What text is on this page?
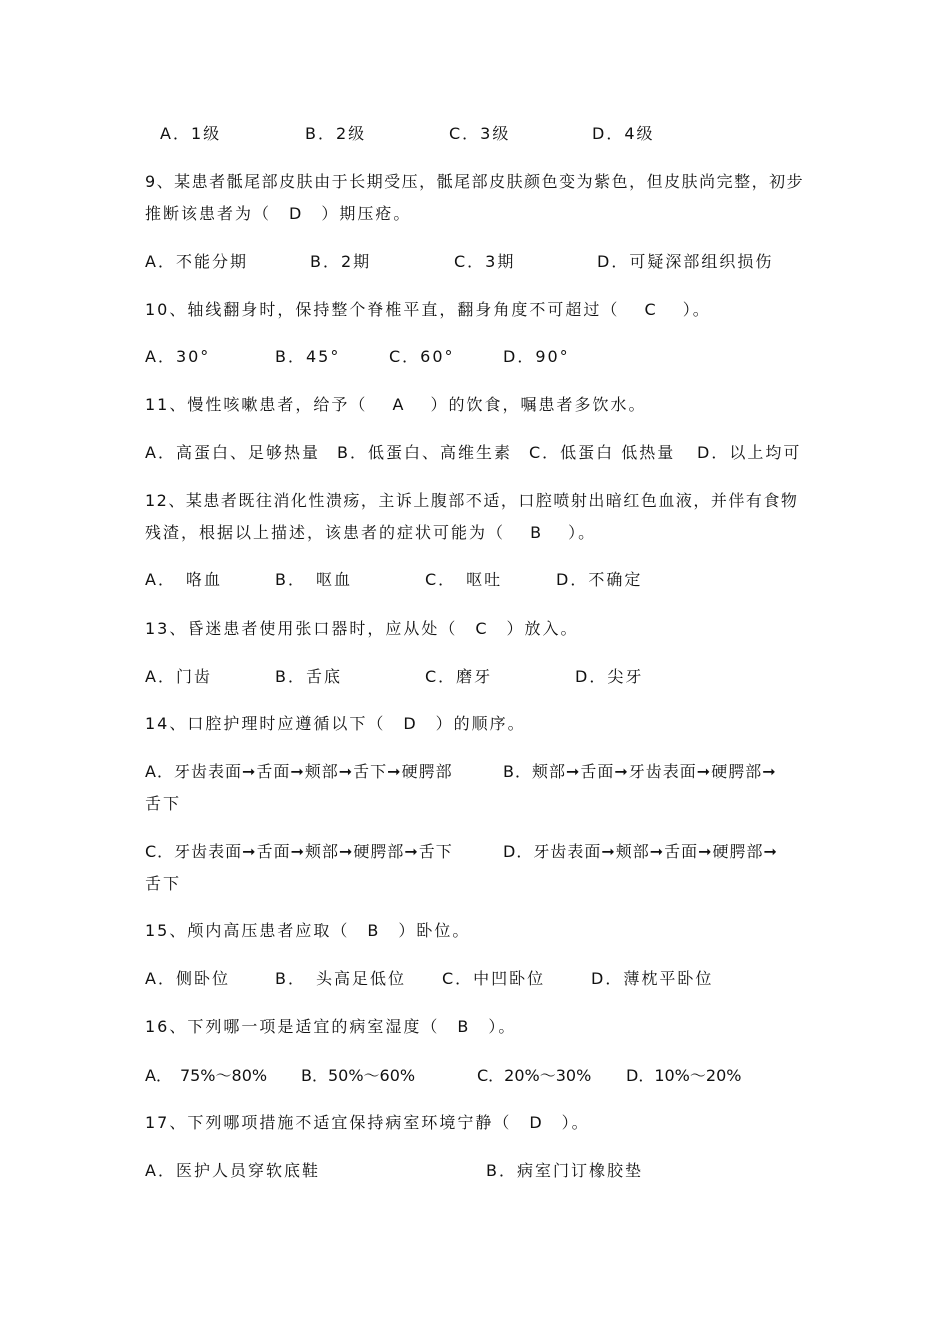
A．1级	B．2级	C．3级	D．4级
9、某患者骶尾部皮肤由于长期受压，骶尾部皮肤颜色变为紫色，但皮肤尚完整，初步
推断该患者为（　D　）期压疮。
A．不能分期	B．2期	C．3期	D．可疑深部组织损伤
10、轴线翻身时，保持整个脊椎平直，翻身角度不可超过（　 C　 ）。
A．30°	B．45°	C．60°	D．90°
11、慢性咳嗽患者，给予（　 A　 ）的饮食，嘱患者多饮水。
A．高蛋白、足够热量 B．低蛋白、高维生素 C．低蛋白 低热量 D．以上均可
12、某患者既往消化性溃疡，主诉上腹部不适，口腔喷射出暗红色血液，并伴有食物
残渣，根据以上描述，该患者的症状可能为（　 B　 ）。
A．　咯血	B．　呕血	C．　呕吐	D．不确定
13、昏迷患者使用张口器时，应从处（　C　）放入。
A．门齿	B．舌底	C．磨牙	D．尖牙
14、口腔护理时应遵循以下（　D　）的顺序。
A．牙齿表面➞舌面➞颊部➞舌下➞硬腭部	B．颊部➞舌面➞牙齿表面➞硬腭部➞
舌下
C．牙齿表面➞舌面➞颊部➞硬腭部➞舌下	D．牙齿表面➞颊部➞舌面➞硬腭部➞
舌下
15、颅内高压患者应取（　B　）卧位。
A．侧卧位	B．　头高足低位 C．中凹卧位	D．薄枕平卧位
16、下列哪一项是适宜的病室湿度（　B　）。
A．　75%～80% B．50%～60%	C．20%～30% D．10%～20%
17、下列哪项措施不适宜保持病室环境宁静（　D　）。
A．医护人员穿软底鞋	B．病室门订橡胶垫
